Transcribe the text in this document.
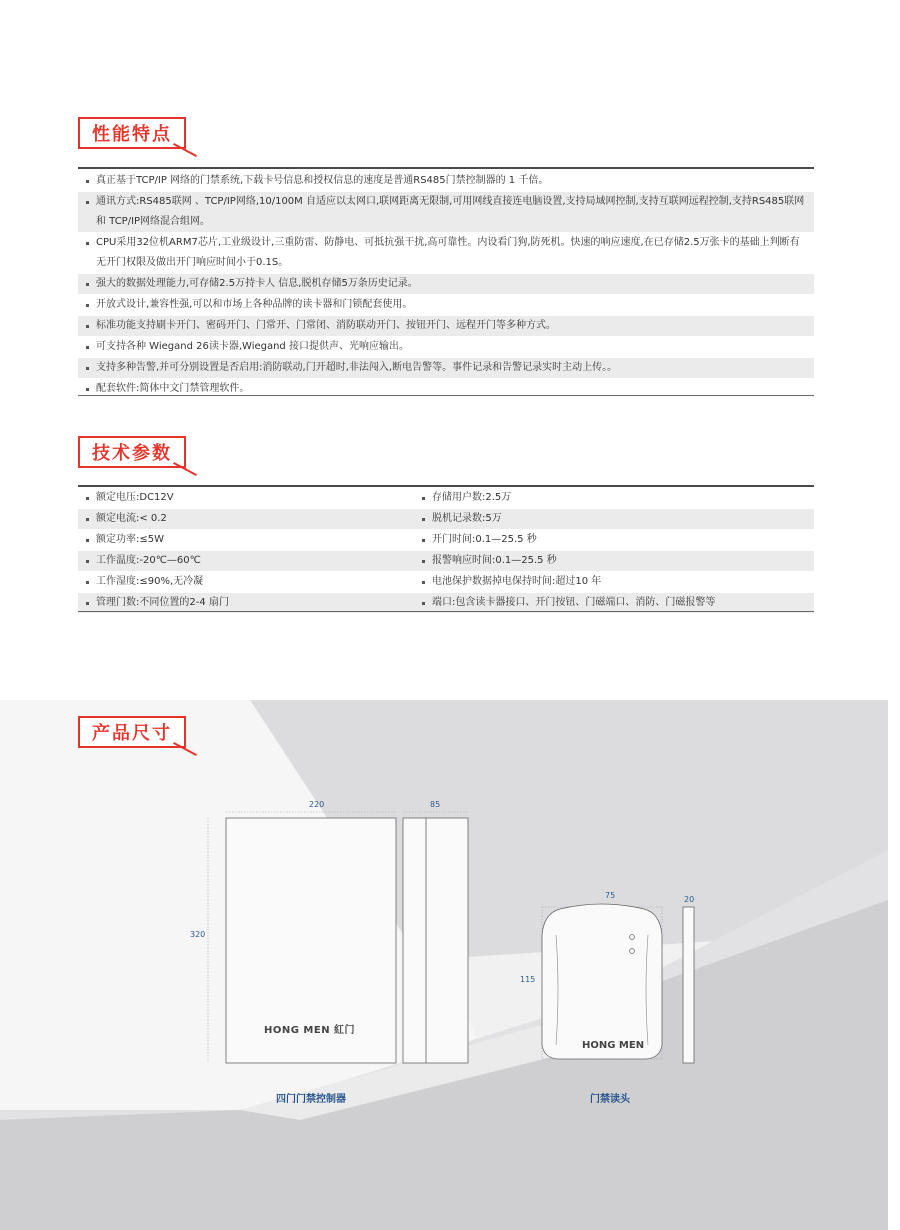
性能特点
真正基于TCP/IP 网络的门禁系统,下载卡号信息和授权信息的速度是普通RS485门禁控制器的 1 千倍。
通讯方式:RS485联网 、TCP/IP网络,10/100M 自适应以太网口,联网距离无限制,可用网线直接连电脑设置,支持局域网控制,支持互联网远程控制,支持RS485联网 和 TCP/IP网络混合组网。
CPU采用32位机ARM7芯片,工业级设计,三重防雷、防静电、可抵抗强干扰,高可靠性。内设看门狗,防死机。快速的响应速度,在已存储2.5万张卡的基础上判断有无开门权限及做出开门响应时间小于0.1S。
强大的数据处理能力,可存储2.5万持卡人 信息,脱机存储5万条历史记录。
开放式设计,兼容性强,可以和市场上各种品牌的读卡器和门锁配套使用。
标准功能支持刷卡开门、密码开门、门常开、门常闭、消防联动开门、按钮开门、远程开门等多种方式。
可支持各种 Wiegand 26读卡器,Wiegand 接口提供声、光响应输出。
支持多种告警,并可分别设置是否启用:消防联动,门开超时,非法闯入,断电告警等。事件记录和告警记录实时主动上传。。
配套软件:简体中文门禁管理软件。
技术参数
额定电压:DC12V	存储用户数:2.5万
额定电流:< 0.2	脱机记录数:5万
额定功率:≤5W	开门时间:0.1—25.5 秒
工作温度:-20℃—60℃	报警响应时间:0.1—25.5 秒
工作湿度:≤90%,无冷凝	电池保护数据掉电保持时间:超过10 年
管理门数:不同位置的2-4 扇门	端口:包含读卡器接口、开门按钮、门磁端口、消防、门磁报警等
产品尺寸
220	85
320
HONG MEN 紅门
四门门禁控制器
75	20
115
HONG MEN
门禁读头
